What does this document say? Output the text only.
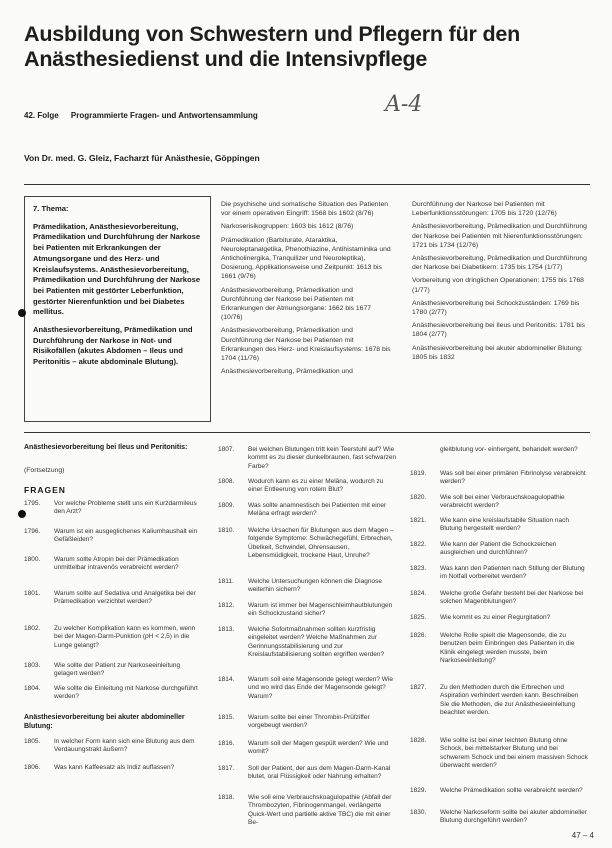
Ausbildung von Schwestern und Pflegern für den
Anästhesiedienst und die Intensivpflege
42. Folge Programmierte Fragen- und Antwortensammlung	A-4
Von Dr. med. G. Gleiz, Facharzt für Anästhesie, Göppingen

7. Thema:

Prämedikation, Anästhesievorbereitung, Prämedikation und Durchführung der Narkose bei Patienten mit Erkrankungen der Atmungsorgane und des Herz- und Kreislaufsystems. Anästhesievorbereitung, Prämedikation und Durchführung der Narkose bei Patienten mit gestörter Leberfunktion, gestörter Nierenfunktion und bei Diabetes mellitus.

Anästhesievorbereitung, Prämedikation und Durchführung der Narkose in Not- und Risikofällen (akutes Abdomen – Ileus und Peritonitis – akute abdominale Blutung).

Die psychische und somatische Situation des Patienten vor einem operativen Eingriff: 1568 bis 1602 (8/76)

Narkoserisikogruppen: 1603 bis 1612 (8/76)

Prämedikation (Barbiturate, Ataraktika, Neuroleptanalgetika, Phenothiazine, Antihistaminika und Anticholinergika, Tranquilizer und Neuroleptika), Dosierung, Applikationsweise und Zeitpunkt: 1613 bis 1661 (9/76)

Anästhesievorbereitung, Prämedikation und Durchführung der Narkose bei Patienten mit Erkrankungen der Atmungsorgane: 1662 bis 1677 (10/76)

Anästhesievorbereitung, Prämedikation und Durchführung der Narkose bei Patienten mit Erkrankungen des Herz- und Kreislaufsystems: 1678 bis 1704 (11/76)

Anästhesievorbereitung, Prämedikation und

Durchführung der Narkose bei Patienten mit Leberfunktionsstörungen: 1705 bis 1720 (12/76)

Anästhesievorbereitung, Prämedikation und Durchführung der Narkose bei Patienten mit Nierenfunktionsstörungen: 1721 bis 1734 (12/76)

Anästhesievorbereitung, Prämedikation und Durchführung der Narkose bei Diabetikern: 1735 bis 1754 (1/77)

Vorbereitung von dringlichen Operationen: 1755 bis 1768 (1/77)

Anästhesievorbereitung bei Schockzuständen: 1769 bis 1780 (2/77)

Anästhesievorbereitung bei Ileus und Peritonitis: 1781 bis 1804 (2/77)

Anästhesievorbereitung bei akuter abdomineller Blutung: 1805 bis 1832

Anästhesievorbereitung bei Ileus und Peritonitis:
(Fortsetzung)
FRAGEN
1795.	Vor welche Probleme stellt uns ein Kurzdarmileus den Arzt?
1796.	Warum ist ein ausgeglichenes Kaliumhaushalt ein Gefäßleiden?
1800.	Warum sollte Atropin bei der Prämedikation unmittelbar intravenös verabreicht werden?
1801.	Warum sollte auf Sedativa und Analgetika bei der Prämedikation verzichtet werden?
1802.	Zu welcher Komplikation kann es kommen, wenn bei der Magen-Darm-Punktion (pH < 2,5) in die Lunge gelangt?
1803.	Wie sollte der Patient zur Narkoseeinleitung gelagert werden?
1804.	Wie sollte die Einleitung mit Narkose durchgeführt werden?
Anästhesievorbereitung bei akuter abdomineller Blutung:
1805.	In welcher Form kann sich eine Blutung aus dem Verdauungstrakt äußern?
1806.	Was kann Kaffeesatz als Indiz auffassen?
1807.	Bei welchen Blutungen tritt kein Teerstuhl auf? Wie kommt es zu dieser dunkelbraunen, fast schwarzen Farbe?
1808.	Wodurch kann es zu einer Meläna, wodurch zu einer Entleerung von rotem Blut?
1809.	Was sollte anamnestisch bei Patienten mit einer Meläna erfragt werden?
1810.	Welche Ursachen für Blutungen aus dem Magen – folgende Symptome: Schwächegefühl, Erbrechen, Übelkeit, Schwindel, Ohrensausen, Lebensmüdigkeit, trockene Haut, Unruhe?
1811.	Welche Untersuchungen können die Diagnose weiterhin sichern?
1812.	Warum ist immer bei Magenschleimhautblutungen ein Schockzustand sicher?
1813.	Welche Sofortmaßnahmen sollten kurzfristig eingeleitet werden? Welche Maßnahmen zur Gerinnungsstabilisierung und zur Kreislaufstabilisierung sollten ergriffen werden?
1814.	Warum soll eine Magensonde gelegt werden? Wie und wo wird das Ende der Magensonde gelegt? Warum?
1815.	Warum sollte bei einer Thrombin-Prüfziffer vorgebeugt werden?
1816.	Warum soll der Magen gespült werden? Wie und womit?
1817.	Soll der Patient, der aus dem Magen-Darm-Kanal blutet, oral Flüssigkeit oder Nahrung erhalten?
1818.	Wie soll eine Verbrauchskoagulopathie (Abfall der Thrombozyten, Fibrinogenmangel, verlängerte Quick-Wert und partielle aktive TBC) die mit einer Be-
gleitblutung vor- einhergeht, behandelt werden?
1819.	Was soll bei einer primären Fibrinolyse verabreicht werden?
1820.	Wie soll bei einer Verbrauchskoagulopathie verabreicht werden?
1821.	Wie kann eine kreislaufstabile Situation nach Blutung hergestellt werden?
1822.	Wie kann der Patient die Schockzeichen ausgleichen und durchführen?
1823.	Was kann den Patienten nach Stillung der Blutung im Notfall vorbereitet werden?
1824.	Welche große Gefahr besteht bei der Narkose bei solchen Magenblutungen?
1825.	Wie kommt es zu einer Regurgitation?
1826.	Welche Rolle spielt die Magensonde, die zu benutzen beim Einbringen des Patienten in die Klinik eingelegt werden musste, beim Narkoseeinleitung?
1827.	Zu den Methoden durch die Erbrechen und Aspiration verhindert werden kann. Beschreiben Sie die Methoden, die zur Anästhesieeinleitung beachtet werden.
1828.	Wie sollte ist bei einer leichten Blutung ohne Schock, bei mittelstarker Blutung und bei schwerem Schock und bei einem massiven Schock überwacht werden?
1829.	Welche Prämedikation sollte verabreicht werden?
1830.	Welche Narkoseform sollte bei akuter abdomineller Blutung durchgeführt werden?
47 – 4
